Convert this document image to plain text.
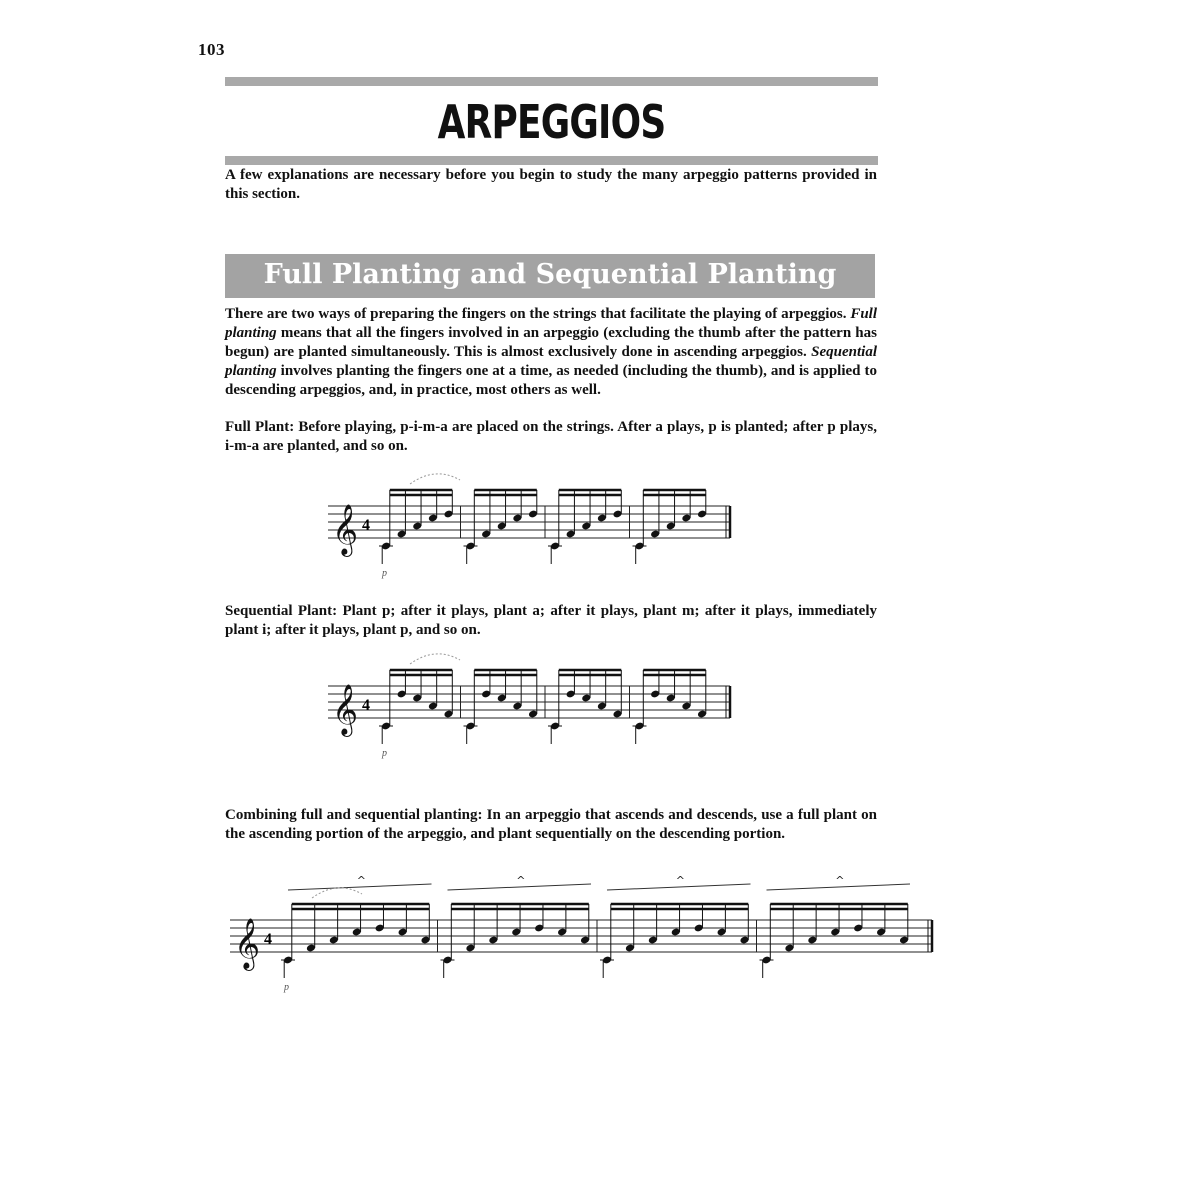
103
ARPEGGIOS

A few explanations are necessary before you begin to study the many arpeggio patterns provided in this section.

Full Planting and Sequential Planting

There are two ways of preparing the fingers on the strings that facilitate the playing of arpeggios. Full planting means that all the fingers involved in an arpeggio (excluding the thumb after the pattern has begun) are planted simultaneously. This is almost exclusively done in ascending arpeggios. Sequential planting involves planting the fingers one at a time, as needed (including the thumb), and is applied to descending arpeggios, and, in practice, most others as well.

Full Plant: Before playing, p-i-m-a are placed on the strings. After a plays, p is planted; after p plays, i-m-a are planted, and so on.

𝄞 4
p

Sequential Plant: Plant p; after it plays, plant a; after it plays, plant m; after it plays, immediately plant i; after it plays, plant p, and so on.

𝄞 4
p

Combining full and sequential planting: In an arpeggio that ascends and descends, use a full plant on the ascending portion of the arpeggio, and plant sequentially on the descending portion.

𝄞 4
p
^	^	^	^
